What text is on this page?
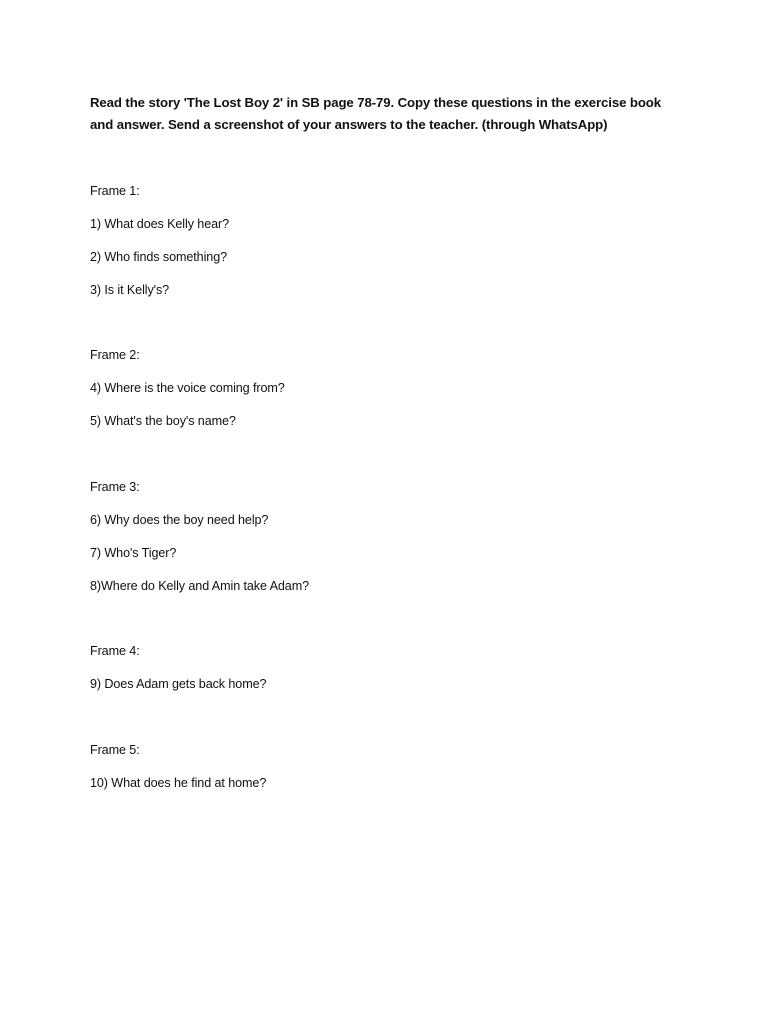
Read the story 'The Lost Boy 2' in SB page 78-79. Copy these questions in the exercise book
and answer. Send a screenshot of your answers to the teacher. (through WhatsApp)
Frame 1:
1) What does Kelly hear?
2) Who finds something?
3) Is it Kelly's?
Frame 2:
4) Where is the voice coming from?
5) What's the boy's name?
Frame 3:
6) Why does the boy need help?
7) Who's Tiger?
8)Where do Kelly and Amin take Adam?
Frame 4:
9) Does Adam gets back home?
Frame 5:
10) What does he find at home?
